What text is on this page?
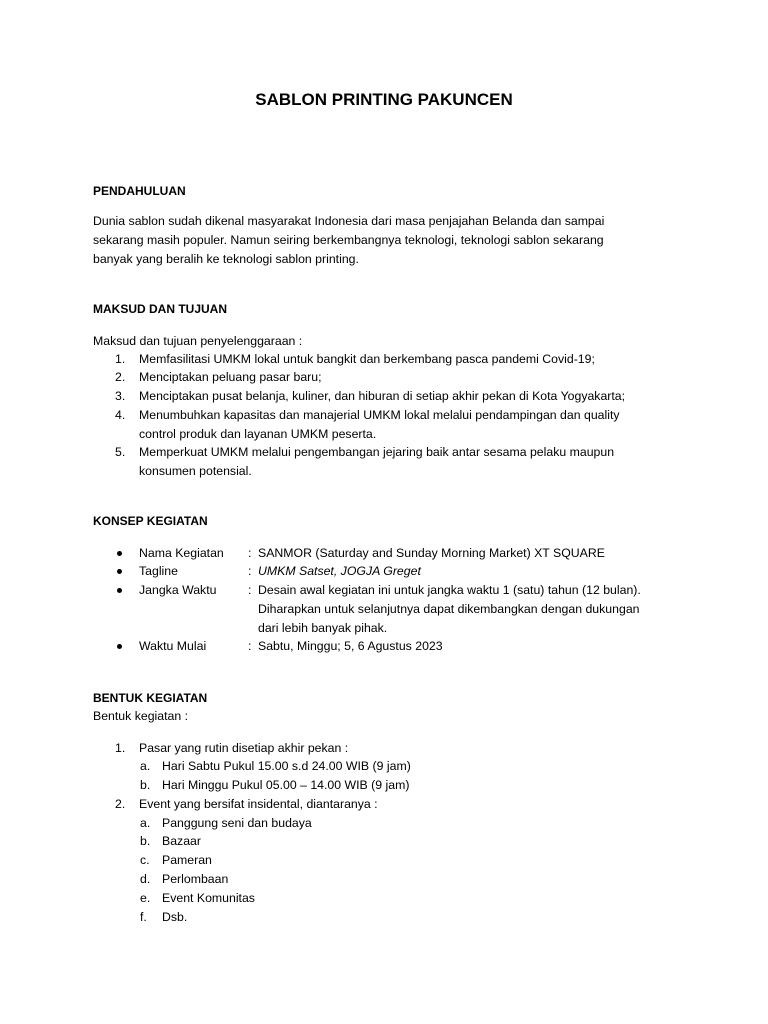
SABLON PRINTING PAKUNCEN
PENDAHULUAN
Dunia sablon sudah dikenal masyarakat Indonesia dari masa penjajahan Belanda dan sampai
sekarang masih populer. Namun seiring berkembangnya teknologi, teknologi sablon sekarang
banyak yang beralih ke teknologi sablon printing.
MAKSUD DAN TUJUAN
Maksud dan tujuan penyelenggaraan :
1. Memfasilitasi UMKM lokal untuk bangkit dan berkembang pasca pandemi Covid-19;
2. Menciptakan peluang pasar baru;
3. Menciptakan pusat belanja, kuliner, dan hiburan di setiap akhir pekan di Kota Yogyakarta;
4. Menumbuhkan kapasitas dan manajerial UMKM lokal melalui pendampingan dan quality
control produk dan layanan UMKM peserta.
5. Memperkuat UMKM melalui pengembangan jejaring baik antar sesama pelaku maupun
konsumen potensial.
KONSEP KEGIATAN
Nama Kegiatan : SANMOR (Saturday and Sunday Morning Market) XT SQUARE
Tagline	: UMKM Satset, JOGJA Greget
Jangka Waktu	: Desain awal kegiatan ini untuk jangka waktu 1 (satu) tahun (12 bulan).
Diharapkan untuk selanjutnya dapat dikembangkan dengan dukungan
dari lebih banyak pihak.
Waktu Mulai	: Sabtu, Minggu; 5, 6 Agustus 2023
BENTUK KEGIATAN
Bentuk kegiatan :
1. Pasar yang rutin disetiap akhir pekan :
a. Hari Sabtu Pukul 15.00 s.d 24.00 WIB (9 jam)
b. Hari Minggu Pukul 05.00 – 14.00 WIB (9 jam)
2. Event yang bersifat insidental, diantaranya :
a. Panggung seni dan budaya
b. Bazaar
c. Pameran
d. Perlombaan
e. Event Komunitas
f. Dsb.
